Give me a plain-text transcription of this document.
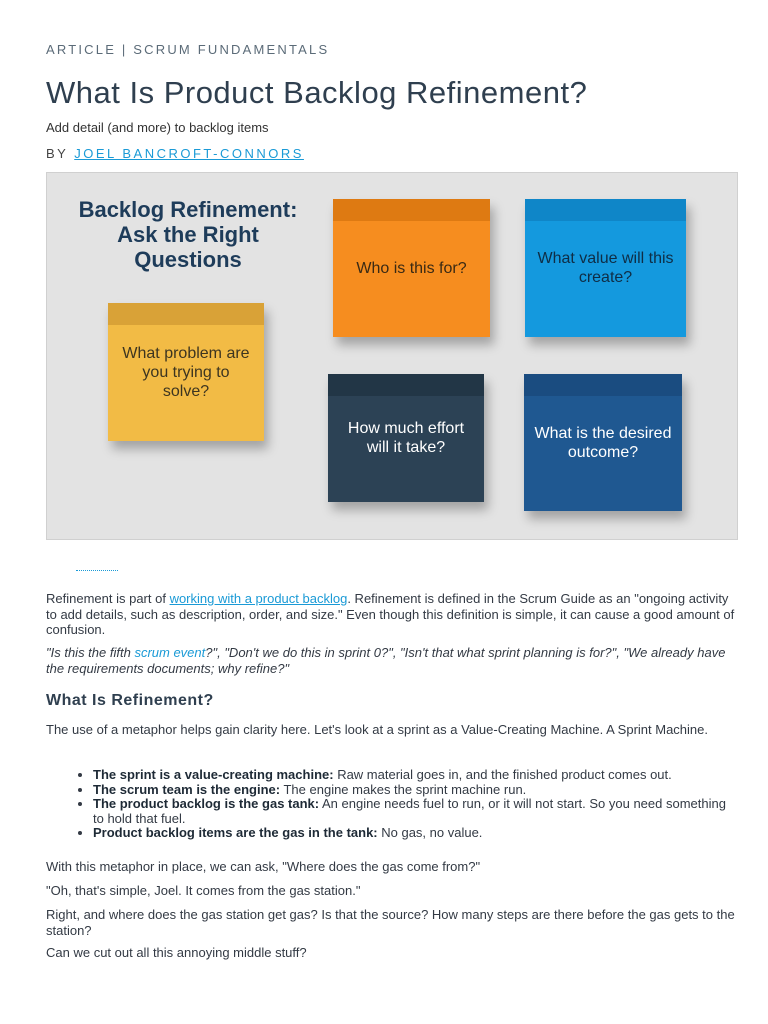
ARTICLE | SCRUM FUNDAMENTALS
What Is Product Backlog Refinement?
Add detail (and more) to backlog items
BY JOEL BANCROFT-CONNORS
Backlog Refinement:
Ask the Right
Questions
What problem are you trying to solve?
Who is this for?
What value will this create?
How much effort will it take?
What is the desired outcome?

Refinement is part of working with a product backlog. Refinement is defined in the Scrum Guide as an "ongoing activity to add details, such as description, order, and size." Even though this definition is simple, it can cause a good amount of confusion.

"Is this the fifth scrum event?", "Don't we do this in sprint 0?", "Isn't that what sprint planning is for?", "We already have the requirements documents; why refine?"

What Is Refinement?

The use of a metaphor helps gain clarity here. Let's look at a sprint as a Value-Creating Machine. A Sprint Machine.

• The sprint is a value-creating machine: Raw material goes in, and the finished product comes out.
• The scrum team is the engine: The engine makes the sprint machine run.
• The product backlog is the gas tank: An engine needs fuel to run, or it will not start. So you need something to hold that fuel.
• Product backlog items are the gas in the tank: No gas, no value.

With this metaphor in place, we can ask, "Where does the gas come from?"

"Oh, that's simple, Joel. It comes from the gas station."

Right, and where does the gas station get gas? Is that the source? How many steps are there before the gas gets to the station?

Can we cut out all this annoying middle stuff?
